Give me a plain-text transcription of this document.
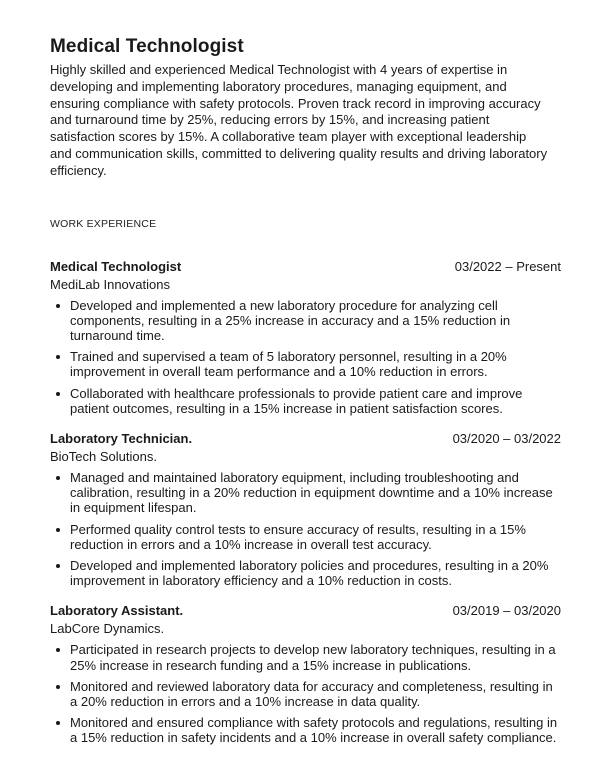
Medical Technologist

Highly skilled and experienced Medical Technologist with 4 years of expertise in developing and implementing laboratory procedures, managing equipment, and ensuring compliance with safety protocols. Proven track record in improving accuracy and turnaround time by 25%, reducing errors by 15%, and increasing patient satisfaction scores by 15%. A collaborative team player with exceptional leadership and communication skills, committed to delivering quality results and driving laboratory efficiency.

WORK EXPERIENCE
Medical Technologist	03/2022 – Present
MediLab Innovations
Developed and implemented a new laboratory procedure for analyzing cell components, resulting in a 25% increase in accuracy and a 15% reduction in turnaround time.
Trained and supervised a team of 5 laboratory personnel, resulting in a 20% improvement in overall team performance and a 10% reduction in errors.
Collaborated with healthcare professionals to provide patient care and improve patient outcomes, resulting in a 15% increase in patient satisfaction scores.
Laboratory Technician.	03/2020 – 03/2022
BioTech Solutions.
Managed and maintained laboratory equipment, including troubleshooting and calibration, resulting in a 20% reduction in equipment downtime and a 10% increase in equipment lifespan.
Performed quality control tests to ensure accuracy of results, resulting in a 15% reduction in errors and a 10% increase in overall test accuracy.
Developed and implemented laboratory policies and procedures, resulting in a 20% improvement in laboratory efficiency and a 10% reduction in costs.
Laboratory Assistant.	03/2019 – 03/2020
LabCore Dynamics.
Participated in research projects to develop new laboratory techniques, resulting in a 25% increase in research funding and a 15% increase in publications.
Monitored and reviewed laboratory data for accuracy and completeness, resulting in a 20% reduction in errors and a 10% increase in data quality.
Monitored and ensured compliance with safety protocols and regulations, resulting in a 15% reduction in safety incidents and a 10% increase in overall safety compliance.
